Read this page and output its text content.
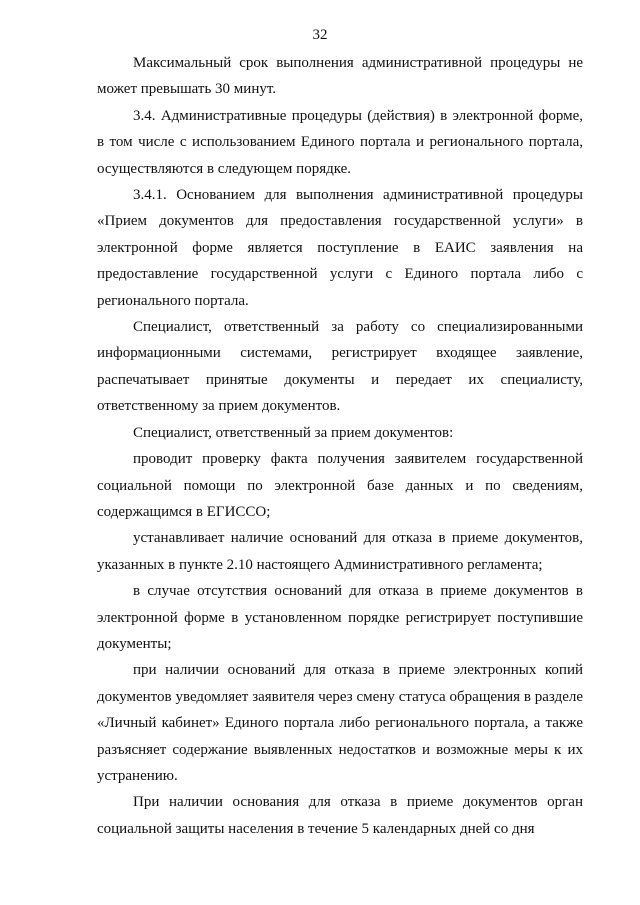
32

Максимальный срок выполнения административной процедуры не может превышать 30 минут.

3.4. Административные процедуры (действия) в электронной форме, в том числе с использованием Единого портала и регионального портала, осуществляются в следующем порядке.

3.4.1. Основанием для выполнения административной процедуры «Прием документов для предоставления государственной услуги» в электронной форме является поступление в ЕАИС заявления на предоставление государственной услуги с Единого портала либо с регионального портала.

Специалист, ответственный за работу со специализированными информационными системами, регистрирует входящее заявление, распечатывает принятые документы и передает их специалисту, ответственному за прием документов.

Специалист, ответственный за прием документов:

проводит проверку факта получения заявителем государственной социальной помощи по электронной базе данных и по сведениям, содержащимся в ЕГИССО;

устанавливает наличие оснований для отказа в приеме документов, указанных в пункте 2.10 настоящего Административного регламента;

в случае отсутствия оснований для отказа в приеме документов в электронной форме в установленном порядке регистрирует поступившие документы;

при наличии оснований для отказа в приеме электронных копий документов уведомляет заявителя через смену статуса обращения в разделе «Личный кабинет» Единого портала либо регионального портала, а также разъясняет содержание выявленных недостатков и возможные меры к их устранению.

При наличии основания для отказа в приеме документов орган социальной защиты населения в течение 5 календарных дней со дня
